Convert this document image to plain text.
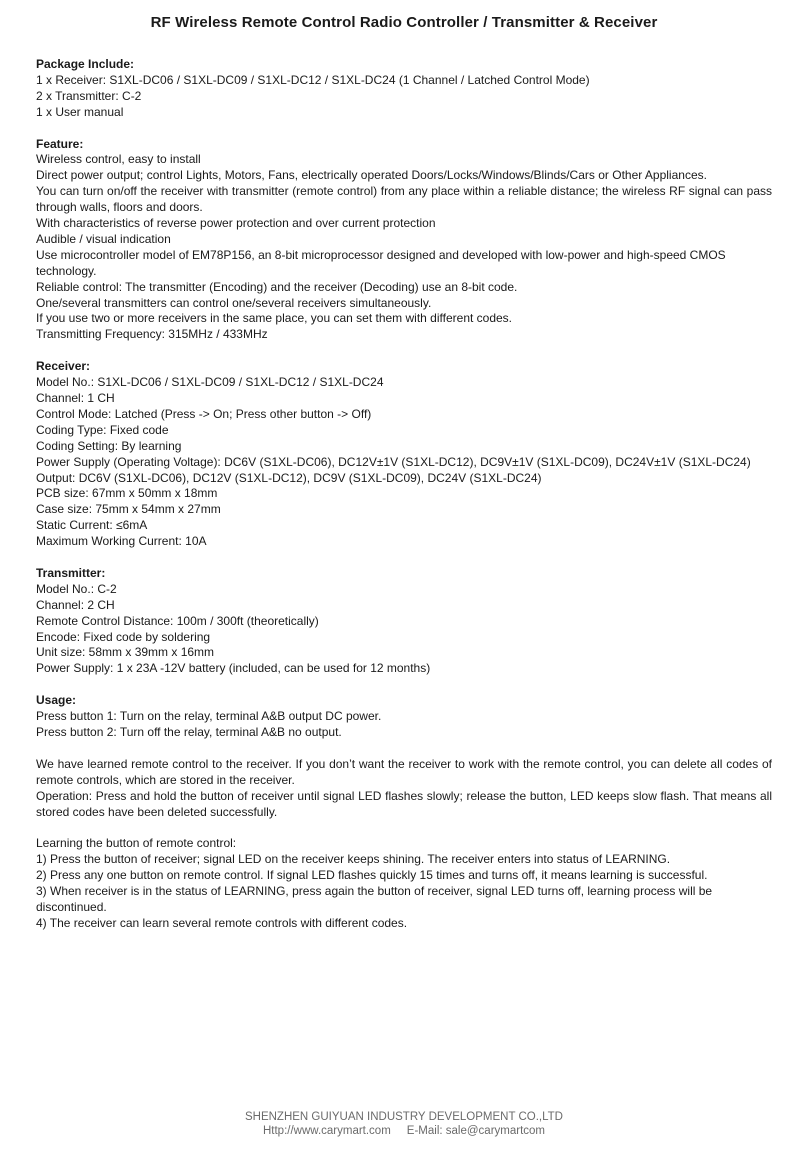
RF Wireless Remote Control Radio Controller / Transmitter & Receiver
Package Include:
1 x Receiver: S1XL-DC06 / S1XL-DC09 / S1XL-DC12 / S1XL-DC24 (1 Channel / Latched Control Mode)
2 x Transmitter: C-2
1 x User manual
Feature:
Wireless control, easy to install
Direct power output; control Lights, Motors, Fans, electrically operated Doors/Locks/Windows/Blinds/Cars or Other Appliances.
You can turn on/off the receiver with transmitter (remote control) from any place within a reliable distance; the wireless RF signal can pass through walls, floors and doors.
With characteristics of reverse power protection and over current protection
Audible / visual indication
Use microcontroller model of EM78P156, an 8-bit microprocessor designed and developed with low-power and high-speed CMOS technology.
Reliable control: The transmitter (Encoding) and the receiver (Decoding) use an 8-bit code.
One/several transmitters can control one/several receivers simultaneously.
If you use two or more receivers in the same place, you can set them with different codes.
Transmitting Frequency: 315MHz / 433MHz
Receiver:
Model No.: S1XL-DC06 / S1XL-DC09 / S1XL-DC12 / S1XL-DC24
Channel: 1 CH
Control Mode: Latched (Press -> On; Press other button -> Off)
Coding Type: Fixed code
Coding Setting: By learning
Power Supply (Operating Voltage): DC6V (S1XL-DC06), DC12V±1V (S1XL-DC12), DC9V±1V (S1XL-DC09), DC24V±1V (S1XL-DC24)
Output: DC6V (S1XL-DC06), DC12V (S1XL-DC12), DC9V (S1XL-DC09), DC24V (S1XL-DC24)
PCB size: 67mm x 50mm x 18mm
Case size: 75mm x 54mm x 27mm
Static Current: ≤6mA
Maximum Working Current: 10A
Transmitter:
Model No.: C-2
Channel: 2 CH
Remote Control Distance: 100m / 300ft (theoretically)
Encode: Fixed code by soldering
Unit size: 58mm x 39mm x 16mm
Power Supply: 1 x 23A -12V battery (included, can be used for 12 months)
Usage:
Press button 1: Turn on the relay, terminal A&B output DC power.
Press button 2: Turn off the relay, terminal A&B no output.
We have learned remote control to the receiver. If you don’t want the receiver to work with the remote control, you can delete all codes of remote controls, which are stored in the receiver.
Operation: Press and hold the button of receiver until signal LED flashes slowly; release the button, LED keeps slow flash. That means all stored codes have been deleted successfully.
Learning the button of remote control:
1) Press the button of receiver; signal LED on the receiver keeps shining. The receiver enters into status of LEARNING.
2) Press any one button on remote control. If signal LED flashes quickly 15 times and turns off, it means learning is successful.
3) When receiver is in the status of LEARNING, press again the button of receiver, signal LED turns off, learning process will be discontinued.
4) The receiver can learn several remote controls with different codes.
SHENZHEN GUIYUAN INDUSTRY DEVELOPMENT CO.,LTD
Http://www.carymart.com E-Mail: sale@carymartcom
